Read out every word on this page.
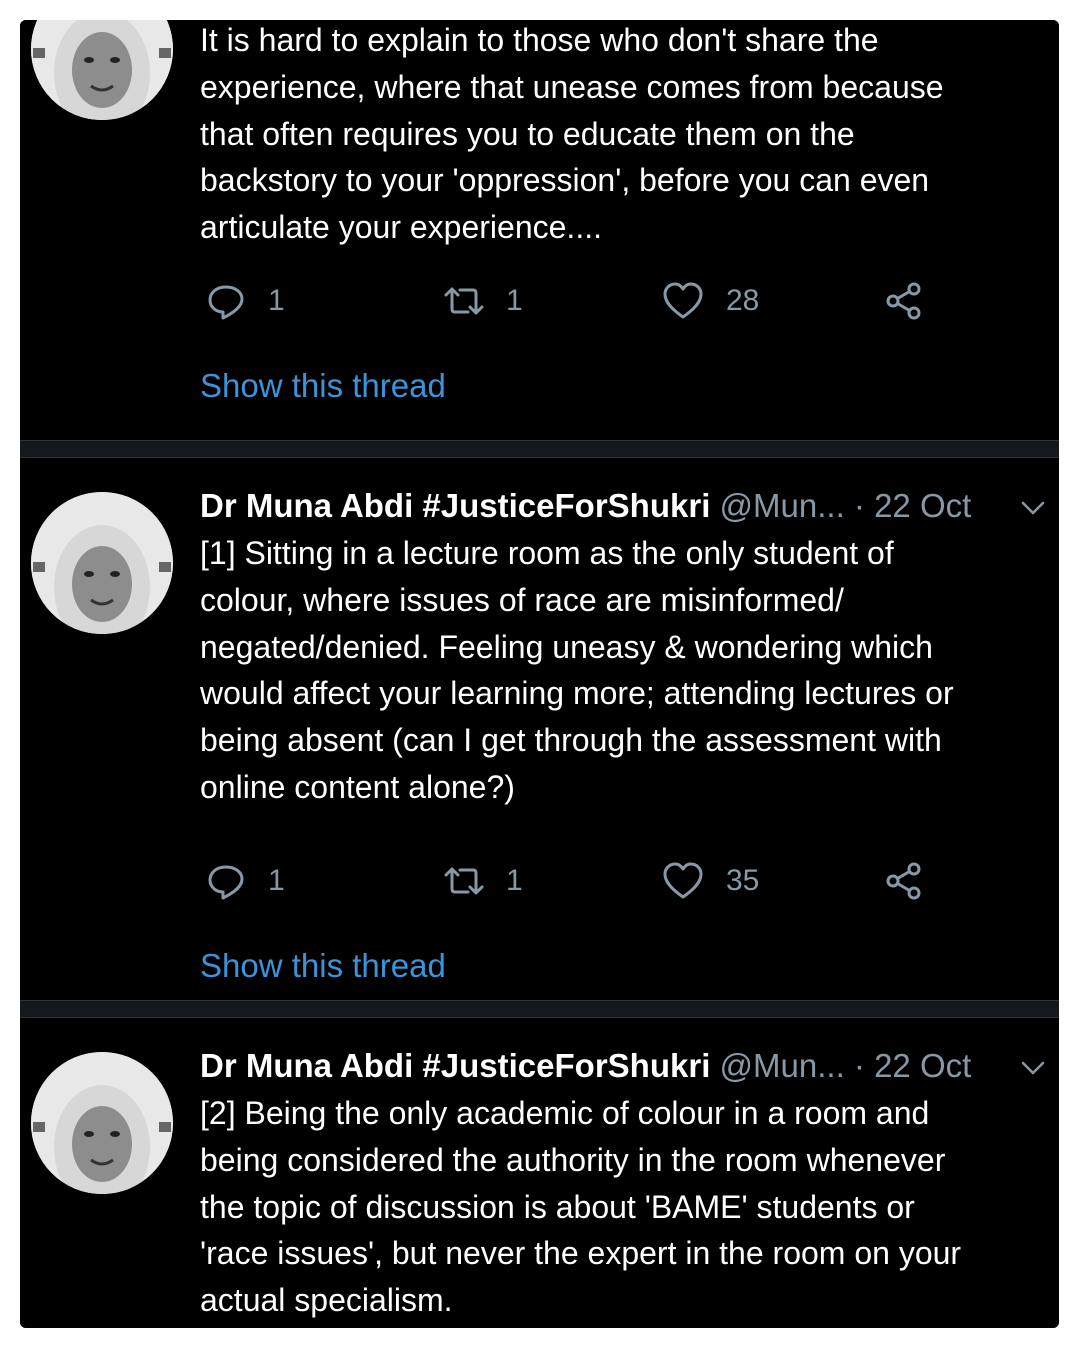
It is hard to explain to those who don't share the
experience, where that unease comes from because
that often requires you to educate them on the
backstory to your 'oppression', before you can even
articulate your experience....
1	1	28
Show this thread
Dr Muna Abdi #JusticeForShukri @Mun... · 22 Oct
[1] Sitting in a lecture room as the only student of
colour, where issues of race are misinformed/
negated/denied. Feeling uneasy & wondering which
would affect your learning more; attending lectures or
being absent (can I get through the assessment with
online content alone?)
1	1	35
Show this thread
Dr Muna Abdi #JusticeForShukri @Mun... · 22 Oct
[2] Being the only academic of colour in a room and
being considered the authority in the room whenever
the topic of discussion is about 'BAME' students or
'race issues', but never the expert in the room on your
actual specialism.
